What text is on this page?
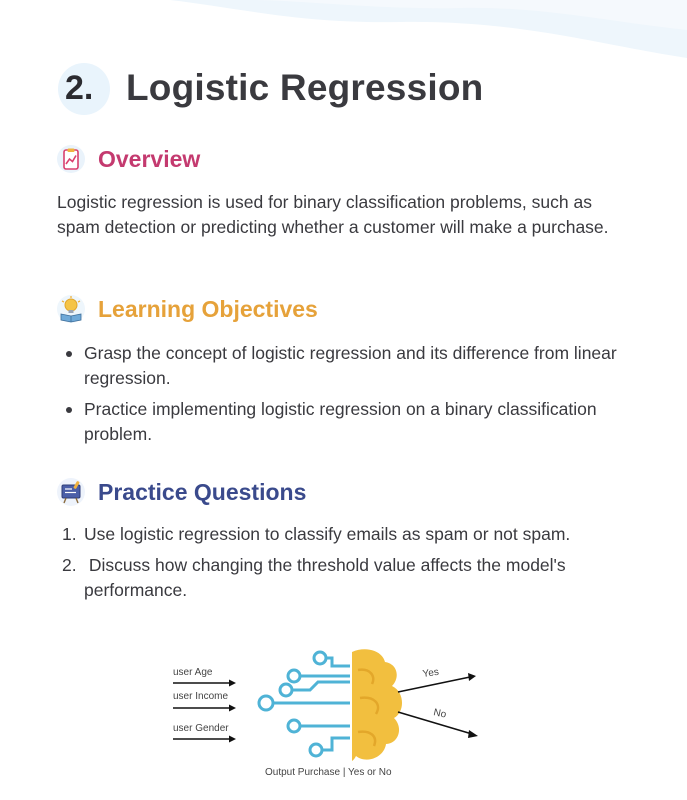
2. Logistic Regression
Overview

Logistic regression is used for binary classification problems, such as spam detection or predicting whether a customer will make a purchase.

Learning Objectives
Grasp the concept of logistic regression and its difference from linear regression.
Practice implementing logistic regression on a binary classification problem.
Practice Questions
1. Use logistic regression to classify emails as spam or not spam.
2. Discuss how changing the threshold value affects the model's performance.
user Age
user Income
user Gender
Yes
No
Output Purchase | Yes or No
